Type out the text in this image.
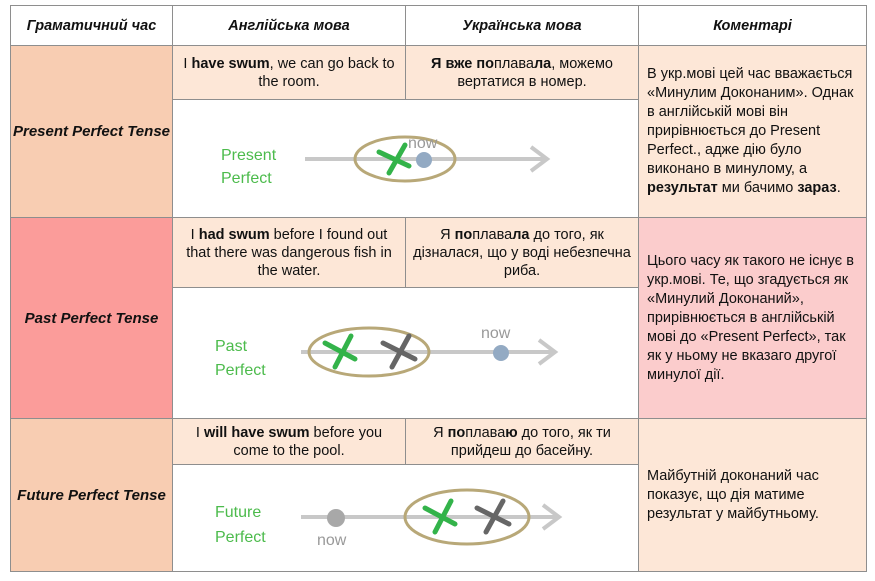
Граматичний час	Англійська мова	Українська мова	Коментарі
Present Perfect Tense	I have swum, we can go back to the room.	Я вже поплавала, можемо вертатися в номер.	В укр.мові цей час вважається «Минулим Доконаним». Однак в англійській мові він прирівнюється до Present Perfect., адже дію було виконано в минулому, а результат ми бачимо зараз.

now
Present
Perfect		

Past Perfect Tense	I had swum before I found out that there was dangerous fish in the water.	Я поплавала до того, як дізналася, що у воді небезпечна риба.	Цього часу як такого не існує в укр.мові. Те, що згадується як «Минулий Доконаний», прирівнюється в англійській мові до «Present Perfect», так як у ньому не вказаго другої минулої дії.

now
Past
Perfect		

Future Perfect Tense	I will have swum before you come to the pool.	Я поплаваю до того, як ти прийдеш до басейну.	Майбутній доконаний час показує, що дія матиме результат у майбутньому.

now
Future
Perfect		
